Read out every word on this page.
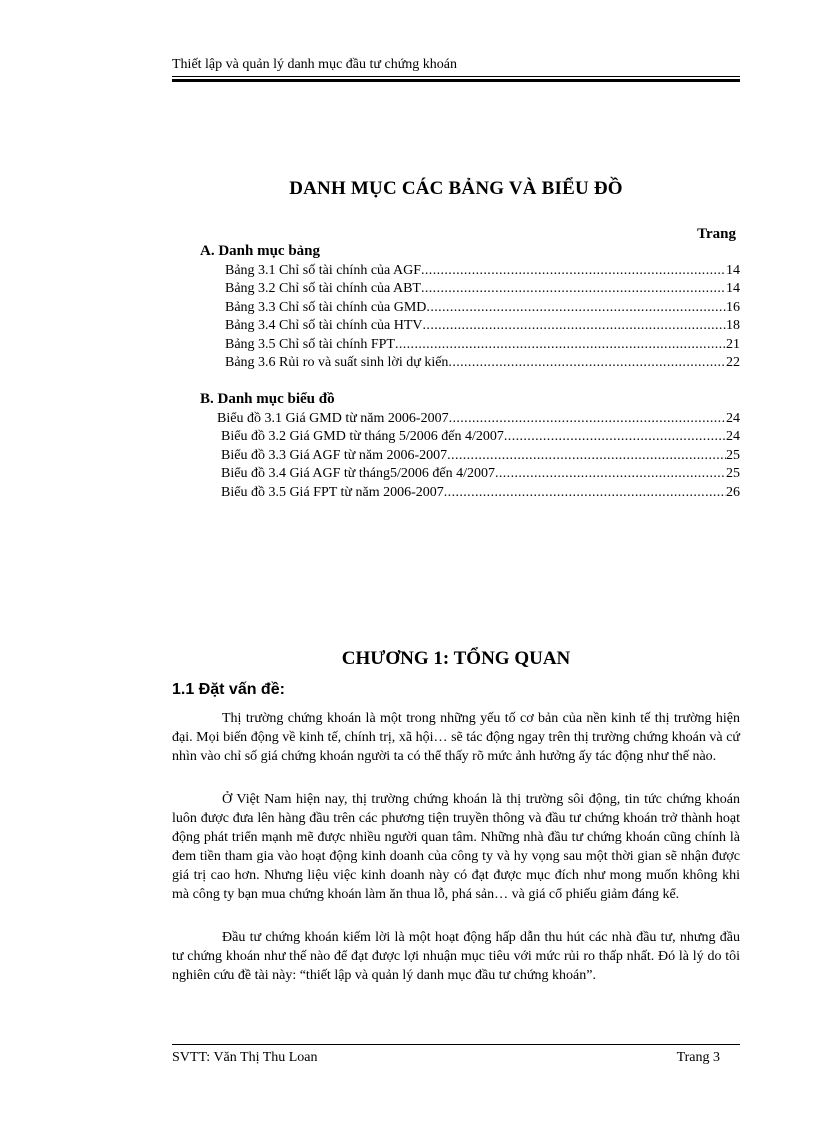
Thiết lập và quản lý danh mục đầu tư chứng khoán
DANH MỤC CÁC BẢNG VÀ BIỂU ĐỒ
Trang
A. Danh mục bảng
Bảng 3.1 Chỉ số tài chính của AGF .....	14
Bảng 3.2 Chỉ số tài chính của ABT .....	14
Bảng 3.3 Chỉ số tài chính của GMD .....	16
Bảng 3.4 Chỉ số tài chính của HTV .....	18
Bảng 3.5 Chỉ số tài chính FPT .....	21
Bảng 3.6 Rủi ro và suất sinh lời dự kiến .....	22
B. Danh mục biểu đồ
Biểu đồ 3.1 Giá GMD từ năm 2006-2007 .....	24
Biểu đồ 3.2 Giá GMD từ tháng 5/2006 đến 4/2007 .....	24
Biểu đồ 3.3 Giá AGF từ năm 2006-2007 .....	25
Biểu đồ 3.4 Giá AGF từ tháng5/2006 đến 4/2007 .....	25
Biểu đồ 3.5 Giá FPT từ năm 2006-2007 .....	26
CHƯƠNG 1: TỔNG QUAN
1.1 Đặt vấn đề:

Thị trường chứng khoán là một trong những yếu tố cơ bản của nền kinh tế thị trường hiện đại. Mọi biến động về kinh tế, chính trị, xã hội… sẽ tác động ngay trên thị trường chứng khoán và cứ nhìn vào chỉ số giá chứng khoán người ta có thể thấy rõ mức ảnh hưởng ấy tác động như thế nào.

Ở Việt Nam hiện nay, thị trường chứng khoán là thị trường sôi động, tin tức chứng khoán luôn được đưa lên hàng đầu trên các phương tiện truyền thông và đầu tư chứng khoán trở thành hoạt động phát triển mạnh mẽ được nhiều người quan tâm. Những nhà đầu tư chứng khoán cũng chính là đem tiền tham gia vào hoạt động kinh doanh của công ty và hy vọng sau một thời gian sẽ nhận được giá trị cao hơn. Nhưng liệu việc kinh doanh này có đạt được mục đích như mong muốn không khi mà công ty bạn mua chứng khoán làm ăn thua lỗ, phá sản… và giá cổ phiếu giảm đáng kể.

Đầu tư chứng khoán kiếm lời là một hoạt động hấp dẫn thu hút các nhà đầu tư, nhưng đầu tư chứng khoán như thế nào để đạt được lợi nhuận mục tiêu với mức rủi ro thấp nhất. Đó là lý do tôi nghiên cứu đề tài này: “thiết lập và quản lý danh mục đầu tư chứng khoán”.

SVTT: Văn Thị Thu Loan	Trang 3
